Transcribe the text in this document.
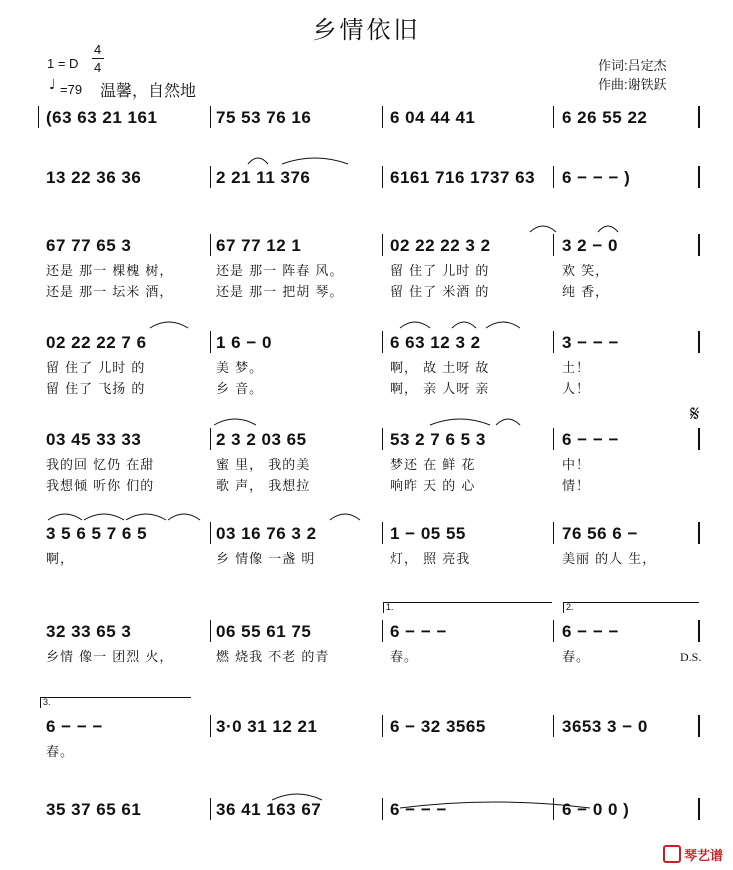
乡情依旧
1 = D
4
4
♩ =79 温馨，自然地
作词:吕定杰
作曲:谢铁跃
(63 63 21 161	75 53 76 16	6 04 44 41	6 26 55 22
13 22 36 36	2 21 11 376	6161 716 1737 63	6 − − − )
67 77 65 3	67 77 12 1	02 22 22 3 2	3 2 − 0
还是 那一 棵槐 树，	还是 那一 阵春 风。	留 住了 儿时 的	欢 笑，
还是 那一 坛米 酒，	还是 那一 把胡 琴。	留 住了 米酒 的	纯 香，
02 22 22 7 6	1 6 − 0	6 63 12 3 2	3 − − −
留 住了 儿时 的	美 梦。	啊， 故 土呀 故	土！
留 住了 飞扬 的	乡 音。	啊， 亲 人呀 亲	人！
03 45 33 33	2 3 2 03 65	53 2 7 6 5 3	6 − − −
我的回 忆仍 在甜	蜜 里， 我的美	梦还 在 鲜 花	中！
我想倾 听你 们的	歌 声， 我想拉	响昨 天 的 心	情！
3 5 6 5 7 6 5	03 16 76 3 2	1 − 05 55	76 56 6 −
啊，	乡 情像 一盏 明	灯， 照 亮我	美丽 的人 生，
32 33 65 3	06 55 61 75	6 − − −	6 − − −
乡情 像一 团烈 火，	燃 烧我 不老 的青	春。	春。
6 − − −	3·0 31 12 21	6 − 32 3565	3653 3 − 0
春。
35 37 65 61	36 41 163 67	6 − − −	6 − 0 0 )
1.	2.
D.S.
3.
𝄋
琴艺谱
